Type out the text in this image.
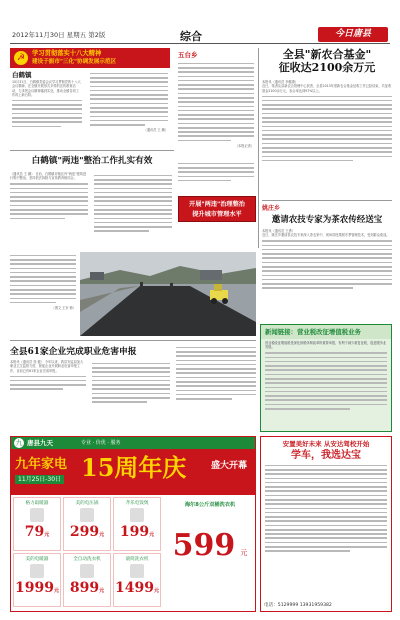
2012年11月30日 星期五 第2版	综合	今日唐县
☭	学习贯彻落实十八大精神
建设于振市"三化"协调发展示范区
白鹤镇
10月31日，白鹤镇党委会议学习贯彻党的十八大会议精神，在全镇开展形式多样的宣传教育活动，力求把会议精神落到实处，推动全镇各项工作再上新台阶。
（通讯员 王 鹏）
五台乡
（本报记者）
全县"新农合基金"
征收达2100余万元
本报讯（通讯员 李健康）
近日，笔者从县新农合管理中心获悉，全县2013年度新农合基金征收工作已经结束，共征收基金2100余万元，参合率达到97%以上。
白鹤镇"两违"整治工作扎实有效
（通讯员 王 鹏） 日前，白鹤镇对辖区内"两违"建筑进行集中整治，坚持依法拆除与宣传教育相结合。
开展"两违"治理整治
提升城市管理水平
姚庄乡
邀请农技专家为茶农传经送宝
本报讯（通讯员 王勇）
近日，姚庄乡邀请县农技专家深入茶农家中，现场讲授果树冬季管理技术，受到群众欢迎。
（图文 王东 韩）
新闻链接：营业税改征增值税业务
营业税改征增值税是深化财税体制改革的重要举措，有利于减少重复征税，促进服务业发展。
全县61家企业完成职业危害申报
本报讯（通讯员 张 健） 今年以来，我县安监局加大职业卫生监管力度，督促企业开展职业危害申报工作，目前已有61家企业完成申报。
九 唐县九天	专业 · 价优 · 服务
九年家电
11月25日-30日 15周年庆	盛大开幕
格力取暖器
79元
美的电压锅
299元
齐乐电饭煲
199元
美的电暖器
1999元
全自动洗衣机
899元
滚筒洗衣机
1499元
海尔8公斤双桶洗衣机
599 元
安置美好未来 从安达驾校开始
学车，我选达宝
电话：5129999 13931959382
